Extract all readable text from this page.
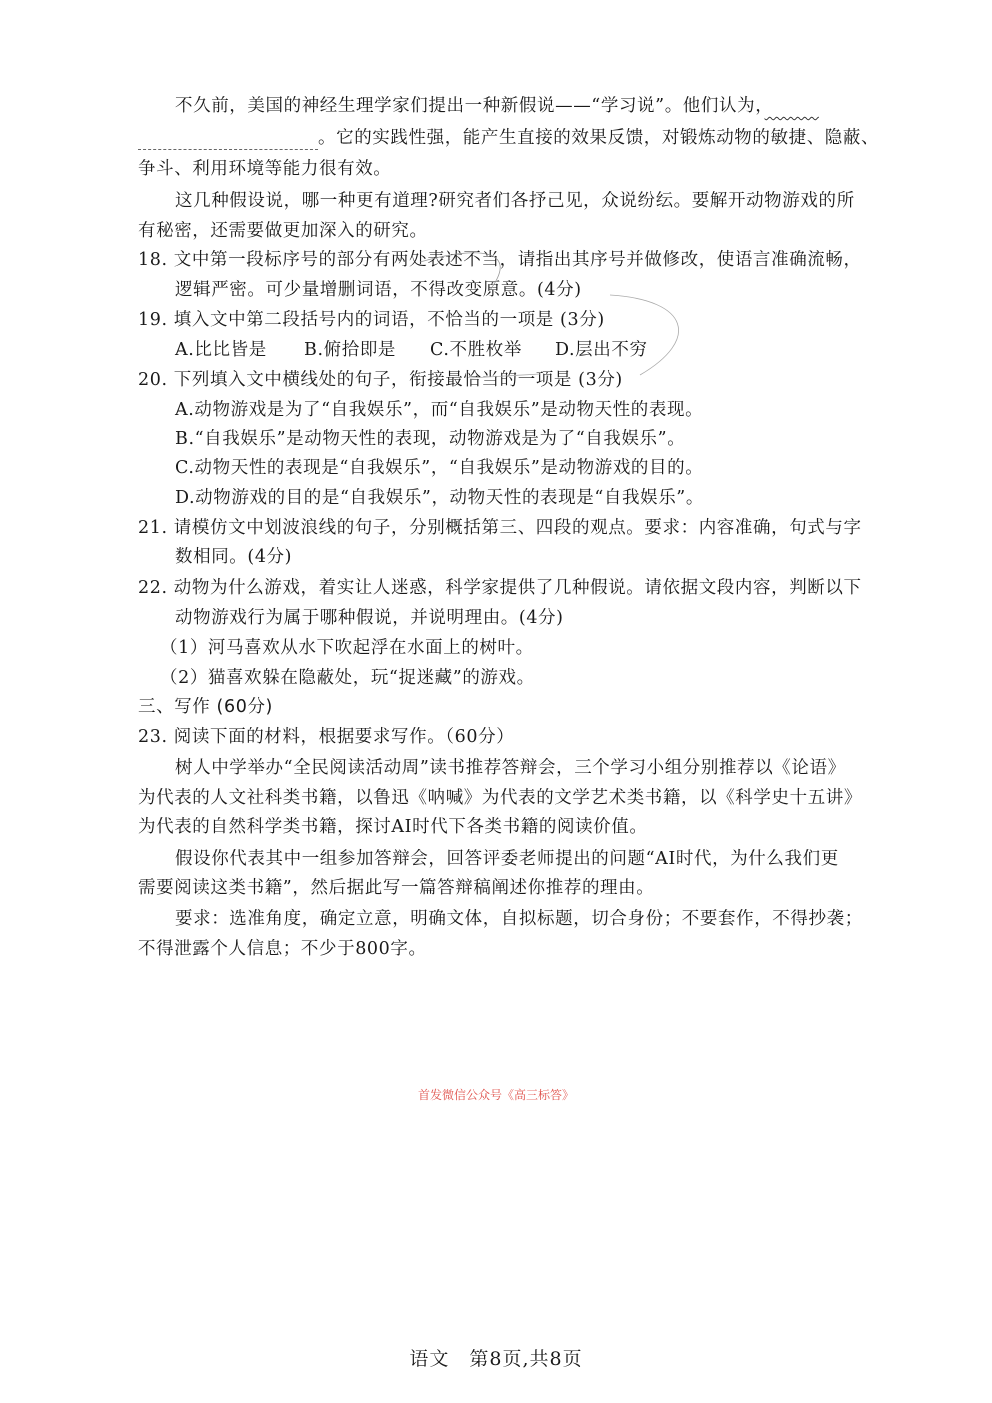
不久前，美国的神经生理学家们提出一种新假说——“学习说”。他们认为，　　　
。它的实践性强，能产生直接的效果反馈，对锻炼动物的敏捷、隐蔽、
争斗、利用环境等能力很有效。
这几种假设说，哪一种更有道理?研究者们各抒己见，众说纷纭。要解开动物游戏的所
有秘密，还需要做更加深入的研究。
18. 文中第一段标序号的部分有两处表述不当，请指出其序号并做修改，使语言准确流畅，
逻辑严密。可少量增删词语，不得改变原意。(4分)
19. 填入文中第二段括号内的词语，不恰当的一项是 (3分)
A.比比皆是 B.俯拾即是 C.不胜枚举 D.层出不穷
20. 下列填入文中横线处的句子，衔接最恰当的一项是 (3分)
A.动物游戏是为了“自我娱乐”，而“自我娱乐”是动物天性的表现。
B.“自我娱乐”是动物天性的表现，动物游戏是为了“自我娱乐”。
C.动物天性的表现是“自我娱乐”，“自我娱乐”是动物游戏的目的。
D.动物游戏的目的是“自我娱乐”，动物天性的表现是“自我娱乐”。
21. 请模仿文中划波浪线的句子，分别概括第三、四段的观点。要求：内容准确，句式与字
数相同。(4分)
22. 动物为什么游戏，着实让人迷惑，科学家提供了几种假说。请依据文段内容，判断以下
动物游戏行为属于哪种假说，并说明理由。(4分)
（1）河马喜欢从水下吹起浮在水面上的树叶。
（2）猫喜欢躲在隐蔽处，玩“捉迷藏”的游戏。
三、写作 (60分)
23. 阅读下面的材料，根据要求写作。（60分）
树人中学举办“全民阅读活动周”读书推荐答辩会，三个学习小组分别推荐以《论语》
为代表的人文社科类书籍，以鲁迅《呐喊》为代表的文学艺术类书籍，以《科学史十五讲》
为代表的自然科学类书籍，探讨AI时代下各类书籍的阅读价值。
假设你代表其中一组参加答辩会，回答评委老师提出的问题“AI时代，为什么我们更
需要阅读这类书籍”，然后据此写一篇答辩稿阐述你推荐的理由。
要求：选准角度，确定立意，明确文体，自拟标题，切合身份；不要套作，不得抄袭；
不得泄露个人信息；不少于800字。
首发微信公众号《高三标答》
语文　第8页,共8页
